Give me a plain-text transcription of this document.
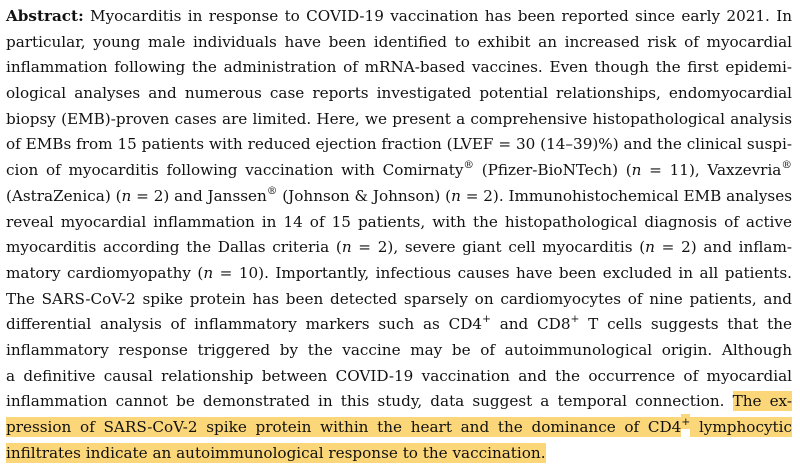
Abstract: Myocarditis in response to COVID-19 vaccination has been reported since early 2021. In
particular, young male individuals have been identified to exhibit an increased risk of myocardial
inflammation following the administration of mRNA-based vaccines. Even though the first epidemi-
ological analyses and numerous case reports investigated potential relationships, endomyocardial
biopsy (EMB)-proven cases are limited. Here, we present a comprehensive histopathological analysis
of EMBs from 15 patients with reduced ejection fraction (LVEF = 30 (14–39)%) and the clinical suspi-
cion of myocarditis following vaccination with Comirnaty® (Pfizer-BioNTech) (n = 11), Vaxzevria®
(AstraZenica) (n = 2) and Janssen® (Johnson & Johnson) (n = 2). Immunohistochemical EMB analyses
reveal myocardial inflammation in 14 of 15 patients, with the histopathological diagnosis of active
myocarditis according the Dallas criteria (n = 2), severe giant cell myocarditis (n = 2) and inflam-
matory cardiomyopathy (n = 10). Importantly, infectious causes have been excluded in all patients.
The SARS-CoV-2 spike protein has been detected sparsely on cardiomyocytes of nine patients, and
differential analysis of inflammatory markers such as CD4+ and CD8+ T cells suggests that the
inflammatory response triggered by the vaccine may be of autoimmunological origin. Although
a definitive causal relationship between COVID-19 vaccination and the occurrence of myocardial
inflammation cannot be demonstrated in this study, data suggest a temporal connection. The ex-
pression of SARS-CoV-2 spike protein within the heart and the dominance of CD4+ lymphocytic
infiltrates indicate an autoimmunological response to the vaccination.
